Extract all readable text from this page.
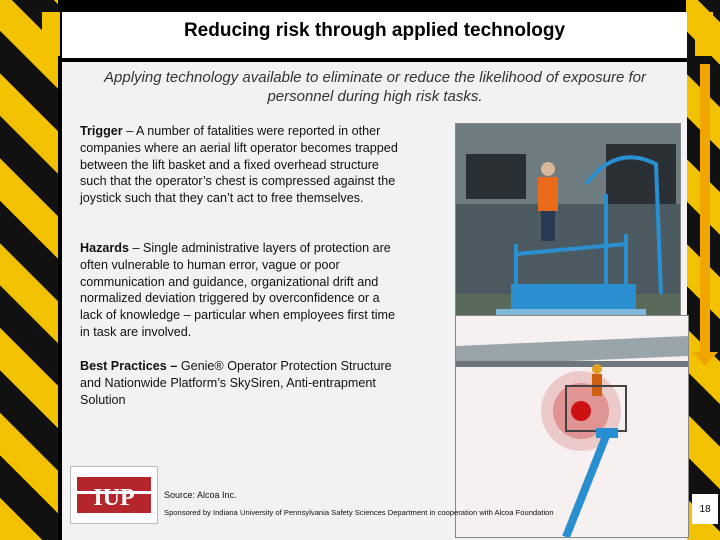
Reducing risk through applied technology
Applying technology available to eliminate or reduce the likelihood of exposure for personnel during high risk tasks.
Trigger – A number of fatalities were reported in other companies where an aerial lift operator becomes trapped between the lift basket and a fixed overhead structure such that the operator’s chest is compressed against the joystick such that they can’t act to free themselves.
Hazards – Single administrative layers of protection are often vulnerable to human error, vague or poor communication and guidance, organizational drift and normalized deviation triggered by overconfidence or a lack of knowledge – particular when employees first time in task are involved.
Best Practices – Genie® Operator Protection Structure and Nationwide Platform’s SkySiren, Anti-entrapment Solution
IUP	Source: Alcoa Inc.
Sponsored by Indiana University of Pennsylvania Safety Sciences Department in cooperation with Alcoa Foundation	18
